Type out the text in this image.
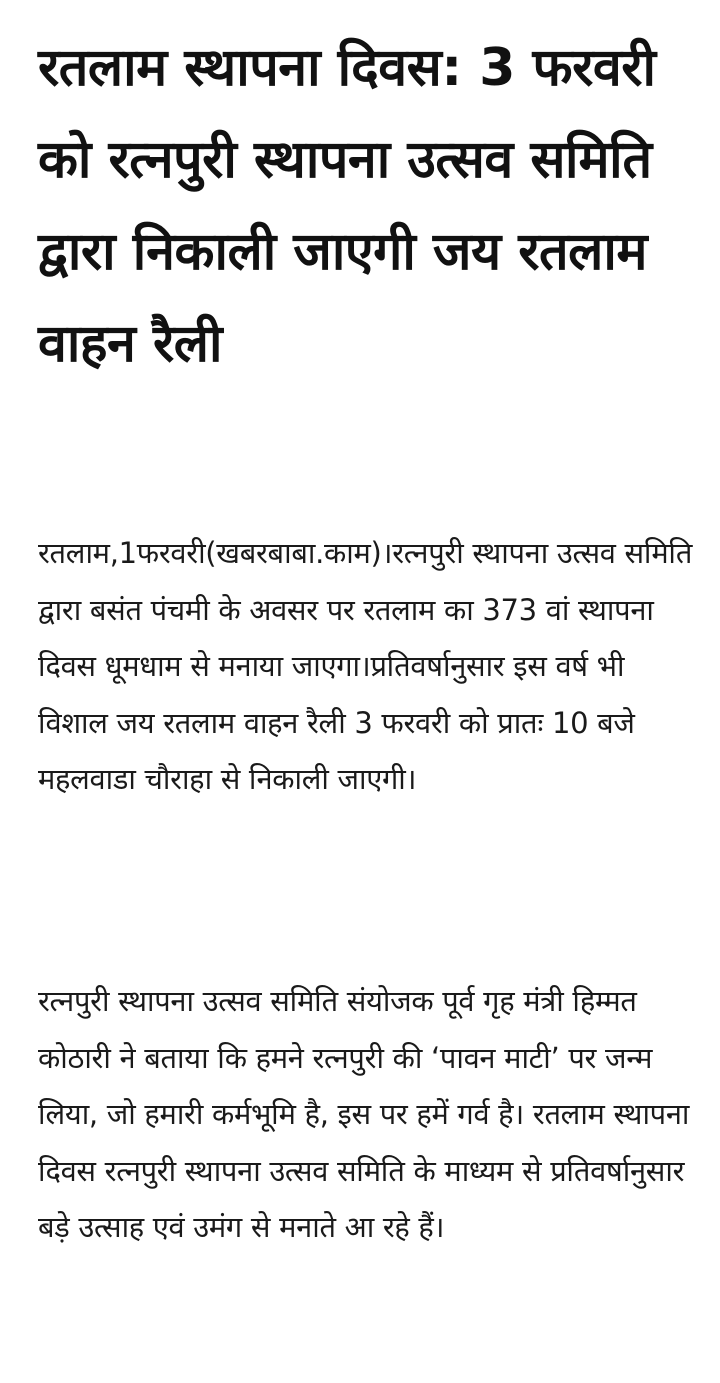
रतलाम स्थापना दिवस: 3 फरवरी को रत्नपुरी स्थापना उत्सव समिति द्वारा निकाली जाएगी जय रतलाम वाहन रैली

रतलाम,1फरवरी(खबरबाबा.काम)।रत्नपुरी स्थापना उत्सव समिति द्वारा बसंत पंचमी के अवसर पर रतलाम का 373 वां स्थापना दिवस धूमधाम से मनाया जाएगा।प्रतिवर्षानुसार इस वर्ष भी विशाल जय रतलाम वाहन रैली 3 फरवरी को प्रातः 10 बजे महलवाडा चौराहा से निकाली जाएगी।

रत्नपुरी स्थापना उत्सव समिति संयोजक पूर्व गृह मंत्री हिम्मत कोठारी ने बताया कि हमने रत्नपुरी की ‘पावन माटी’ पर जन्म लिया, जो हमारी कर्मभूमि है, इस पर हमें गर्व है। रतलाम स्थापना दिवस रत्नपुरी स्थापना उत्सव समिति के माध्यम से प्रतिवर्षानुसार बड़े उत्साह एवं उमंग से मनाते आ रहे हैं।
